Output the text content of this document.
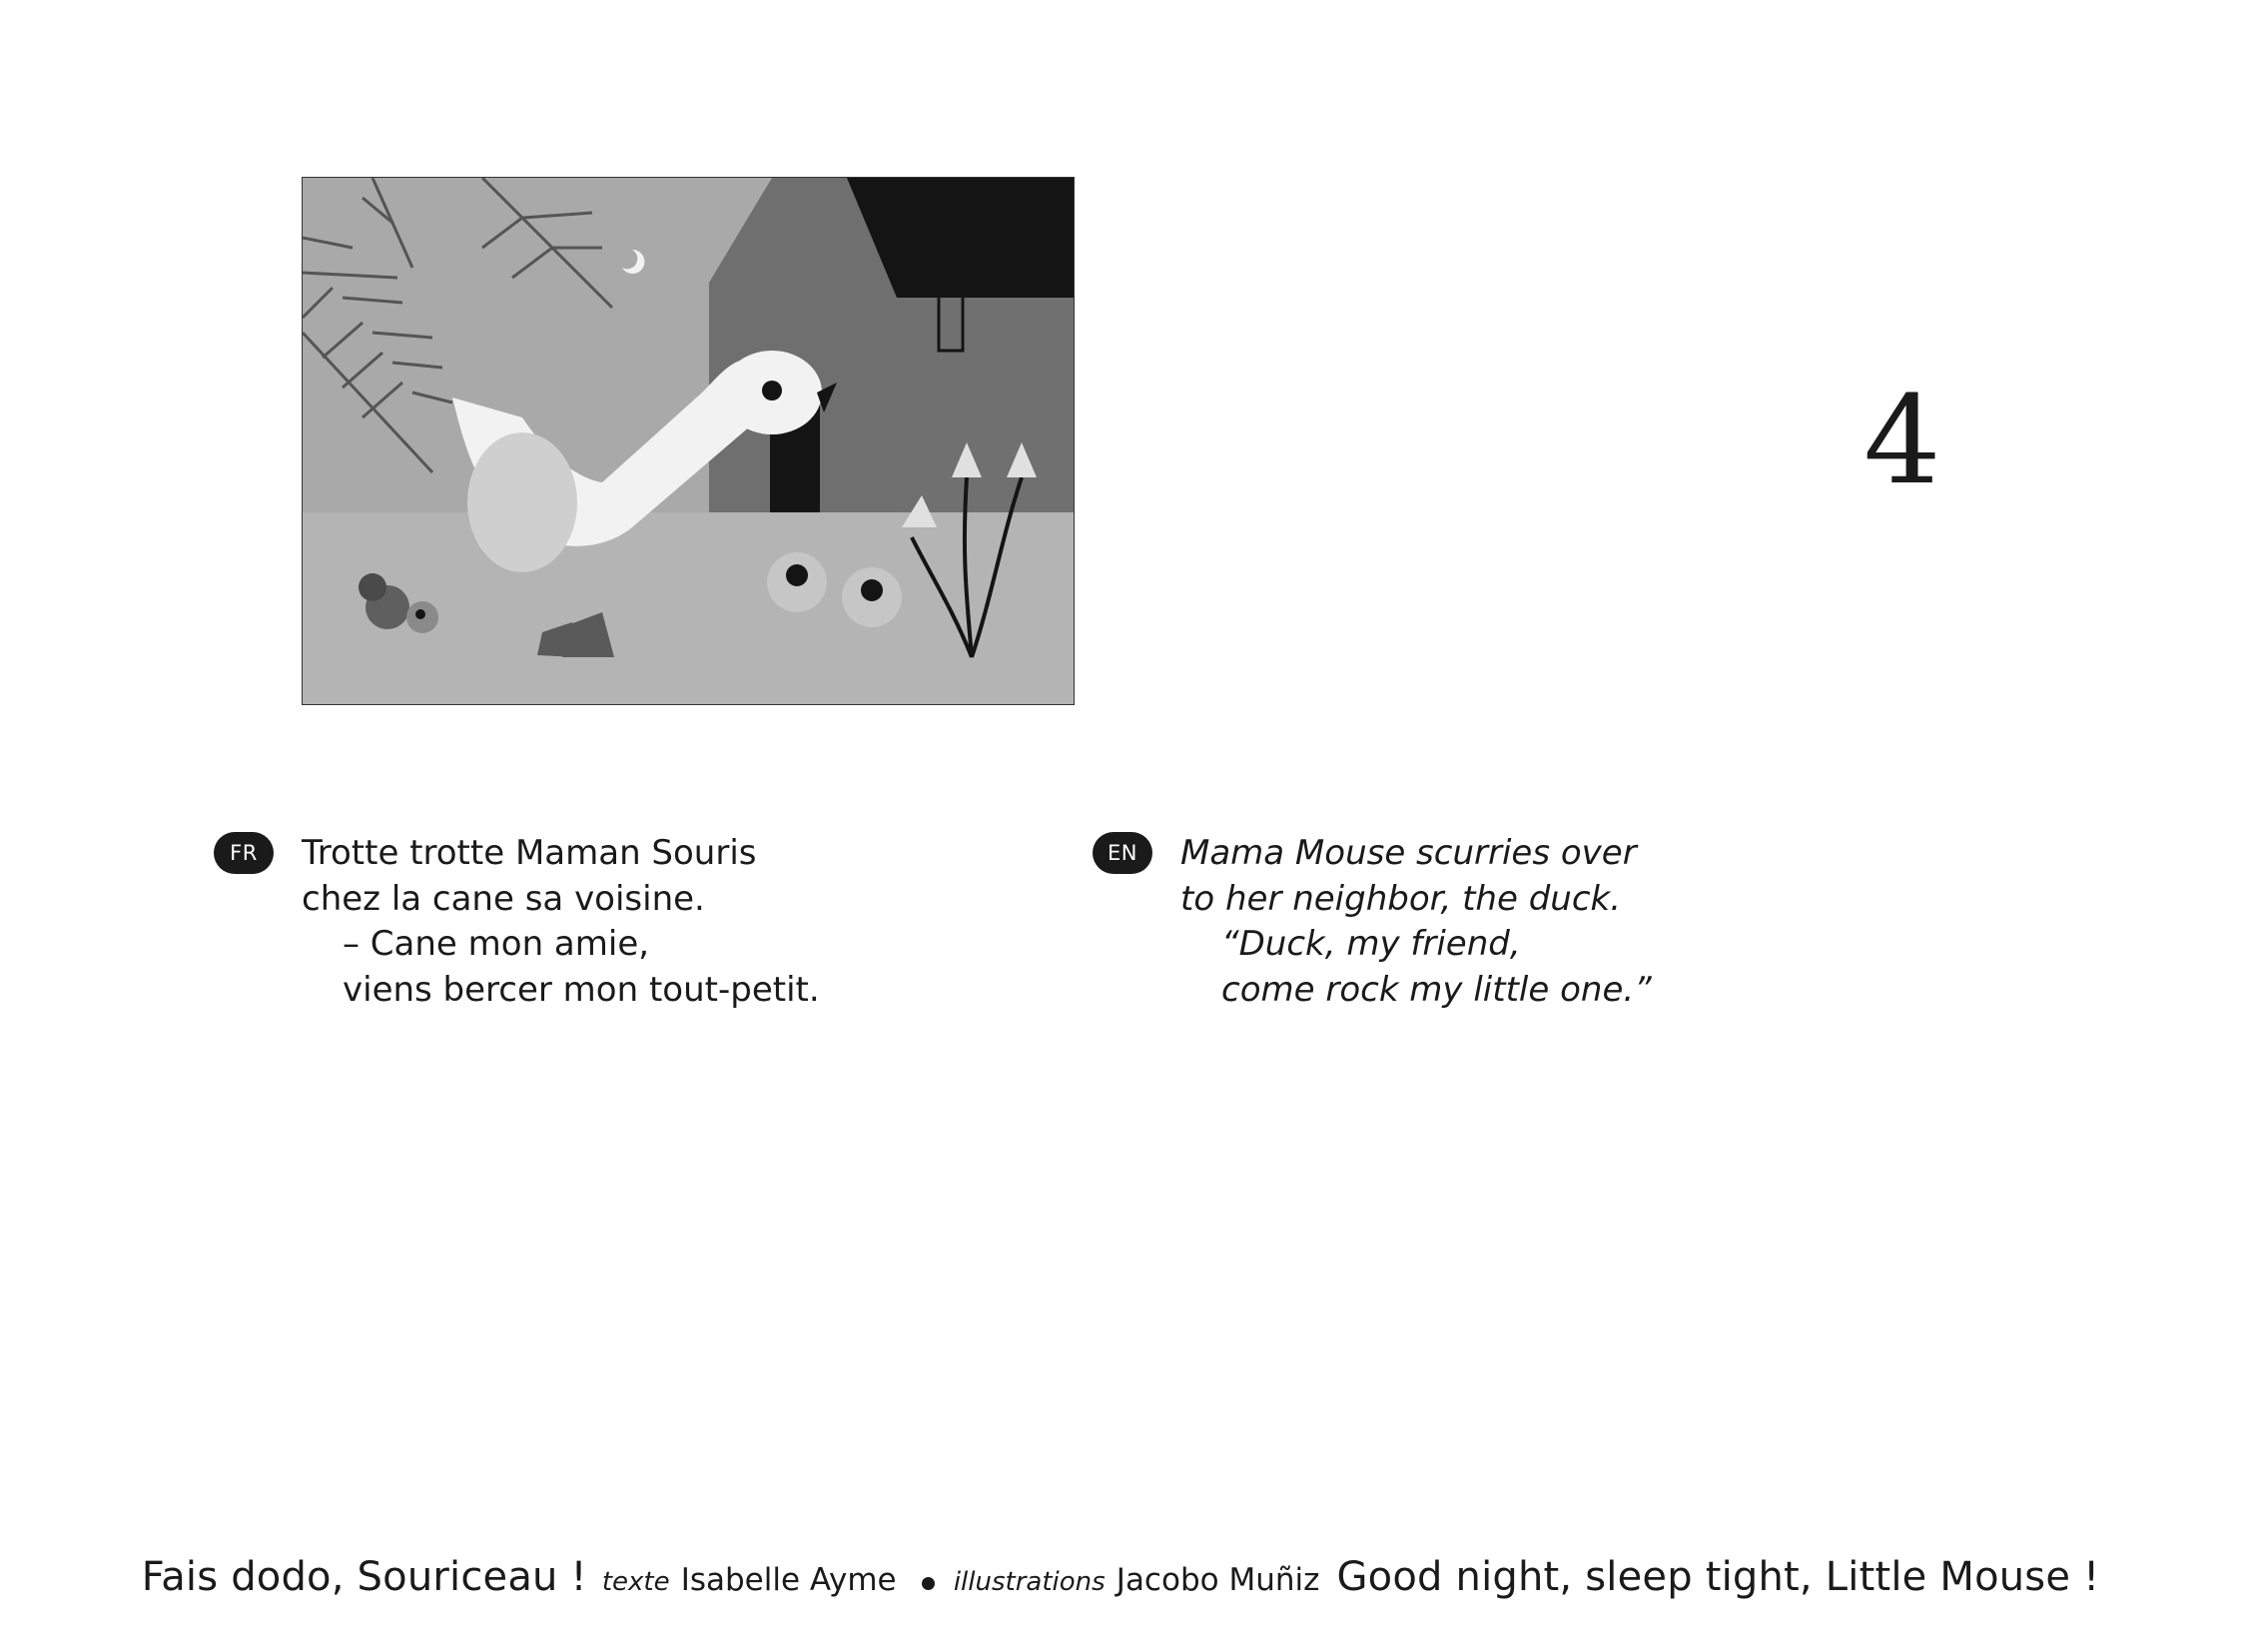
4
FR	Trotte trotte Maman Souris
chez la cane sa voisine.
– Cane mon amie,
viens bercer mon tout-petit.
EN	Mama Mouse scurries over
to her neighbor, the duck.
“Duck, my friend,
come rock my little one.”
Fais dodo, Souriceau ! texte Isabelle Ayme illustrations Jacobo Muñiz Good night, sleep tight, Little Mouse !
